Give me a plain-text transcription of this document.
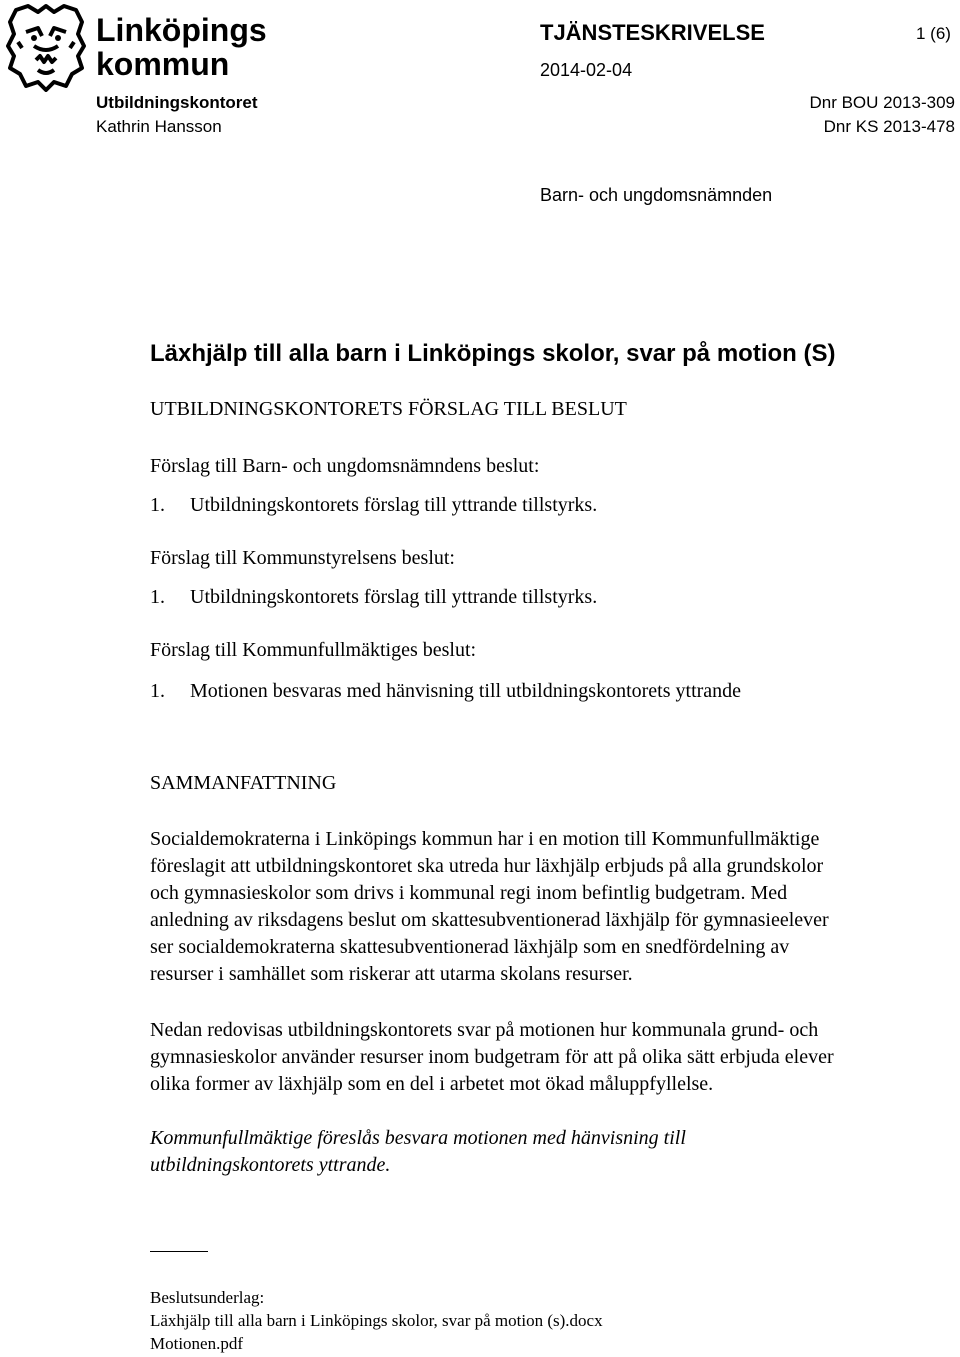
Linköpings kommun
TJÄNSTESKRIVELSE	1 (6)
2014-02-04
Utbildningskontoret
Kathrin Hansson
Dnr BOU 2013-309
Dnr KS 2013-478
Barn- och ungdomsnämnden
Läxhjälp till alla barn i Linköpings skolor, svar på motion (S)
UTBILDNINGSKONTORETS FÖRSLAG TILL BESLUT
Förslag till Barn- och ungdomsnämndens beslut:
1. Utbildningskontorets förslag till yttrande tillstyrks.
Förslag till Kommunstyrelsens beslut:
1. Utbildningskontorets förslag till yttrande tillstyrks.
Förslag till Kommunfullmäktiges beslut:
1. Motionen besvaras med hänvisning till utbildningskontorets yttrande
SAMMANFATTNING
Socialdemokraterna i Linköpings kommun har i en motion till Kommunfullmäktige
föreslagit att utbildningskontoret ska utreda hur läxhjälp erbjuds på alla grundskolor
och gymnasieskolor som drivs i kommunal regi inom befintlig budgetram. Med
anledning av riksdagens beslut om skattesubventionerad läxhjälp för gymnasieelever
ser socialdemokraterna skattesubventionerad läxhjälp som en snedfördelning av
resurser i samhället som riskerar att utarma skolans resurser.
Nedan redovisas utbildningskontorets svar på motionen hur kommunala grund- och
gymnasieskolor använder resurser inom budgetram för att på olika sätt erbjuda elever
olika former av läxhjälp som en del i arbetet mot ökad måluppfyllelse.
Kommunfullmäktige föreslås besvara motionen med hänvisning till
utbildningskontorets yttrande.
Beslutsunderlag:
Läxhjälp till alla barn i Linköpings skolor, svar på motion (s).docx
Motionen.pdf
